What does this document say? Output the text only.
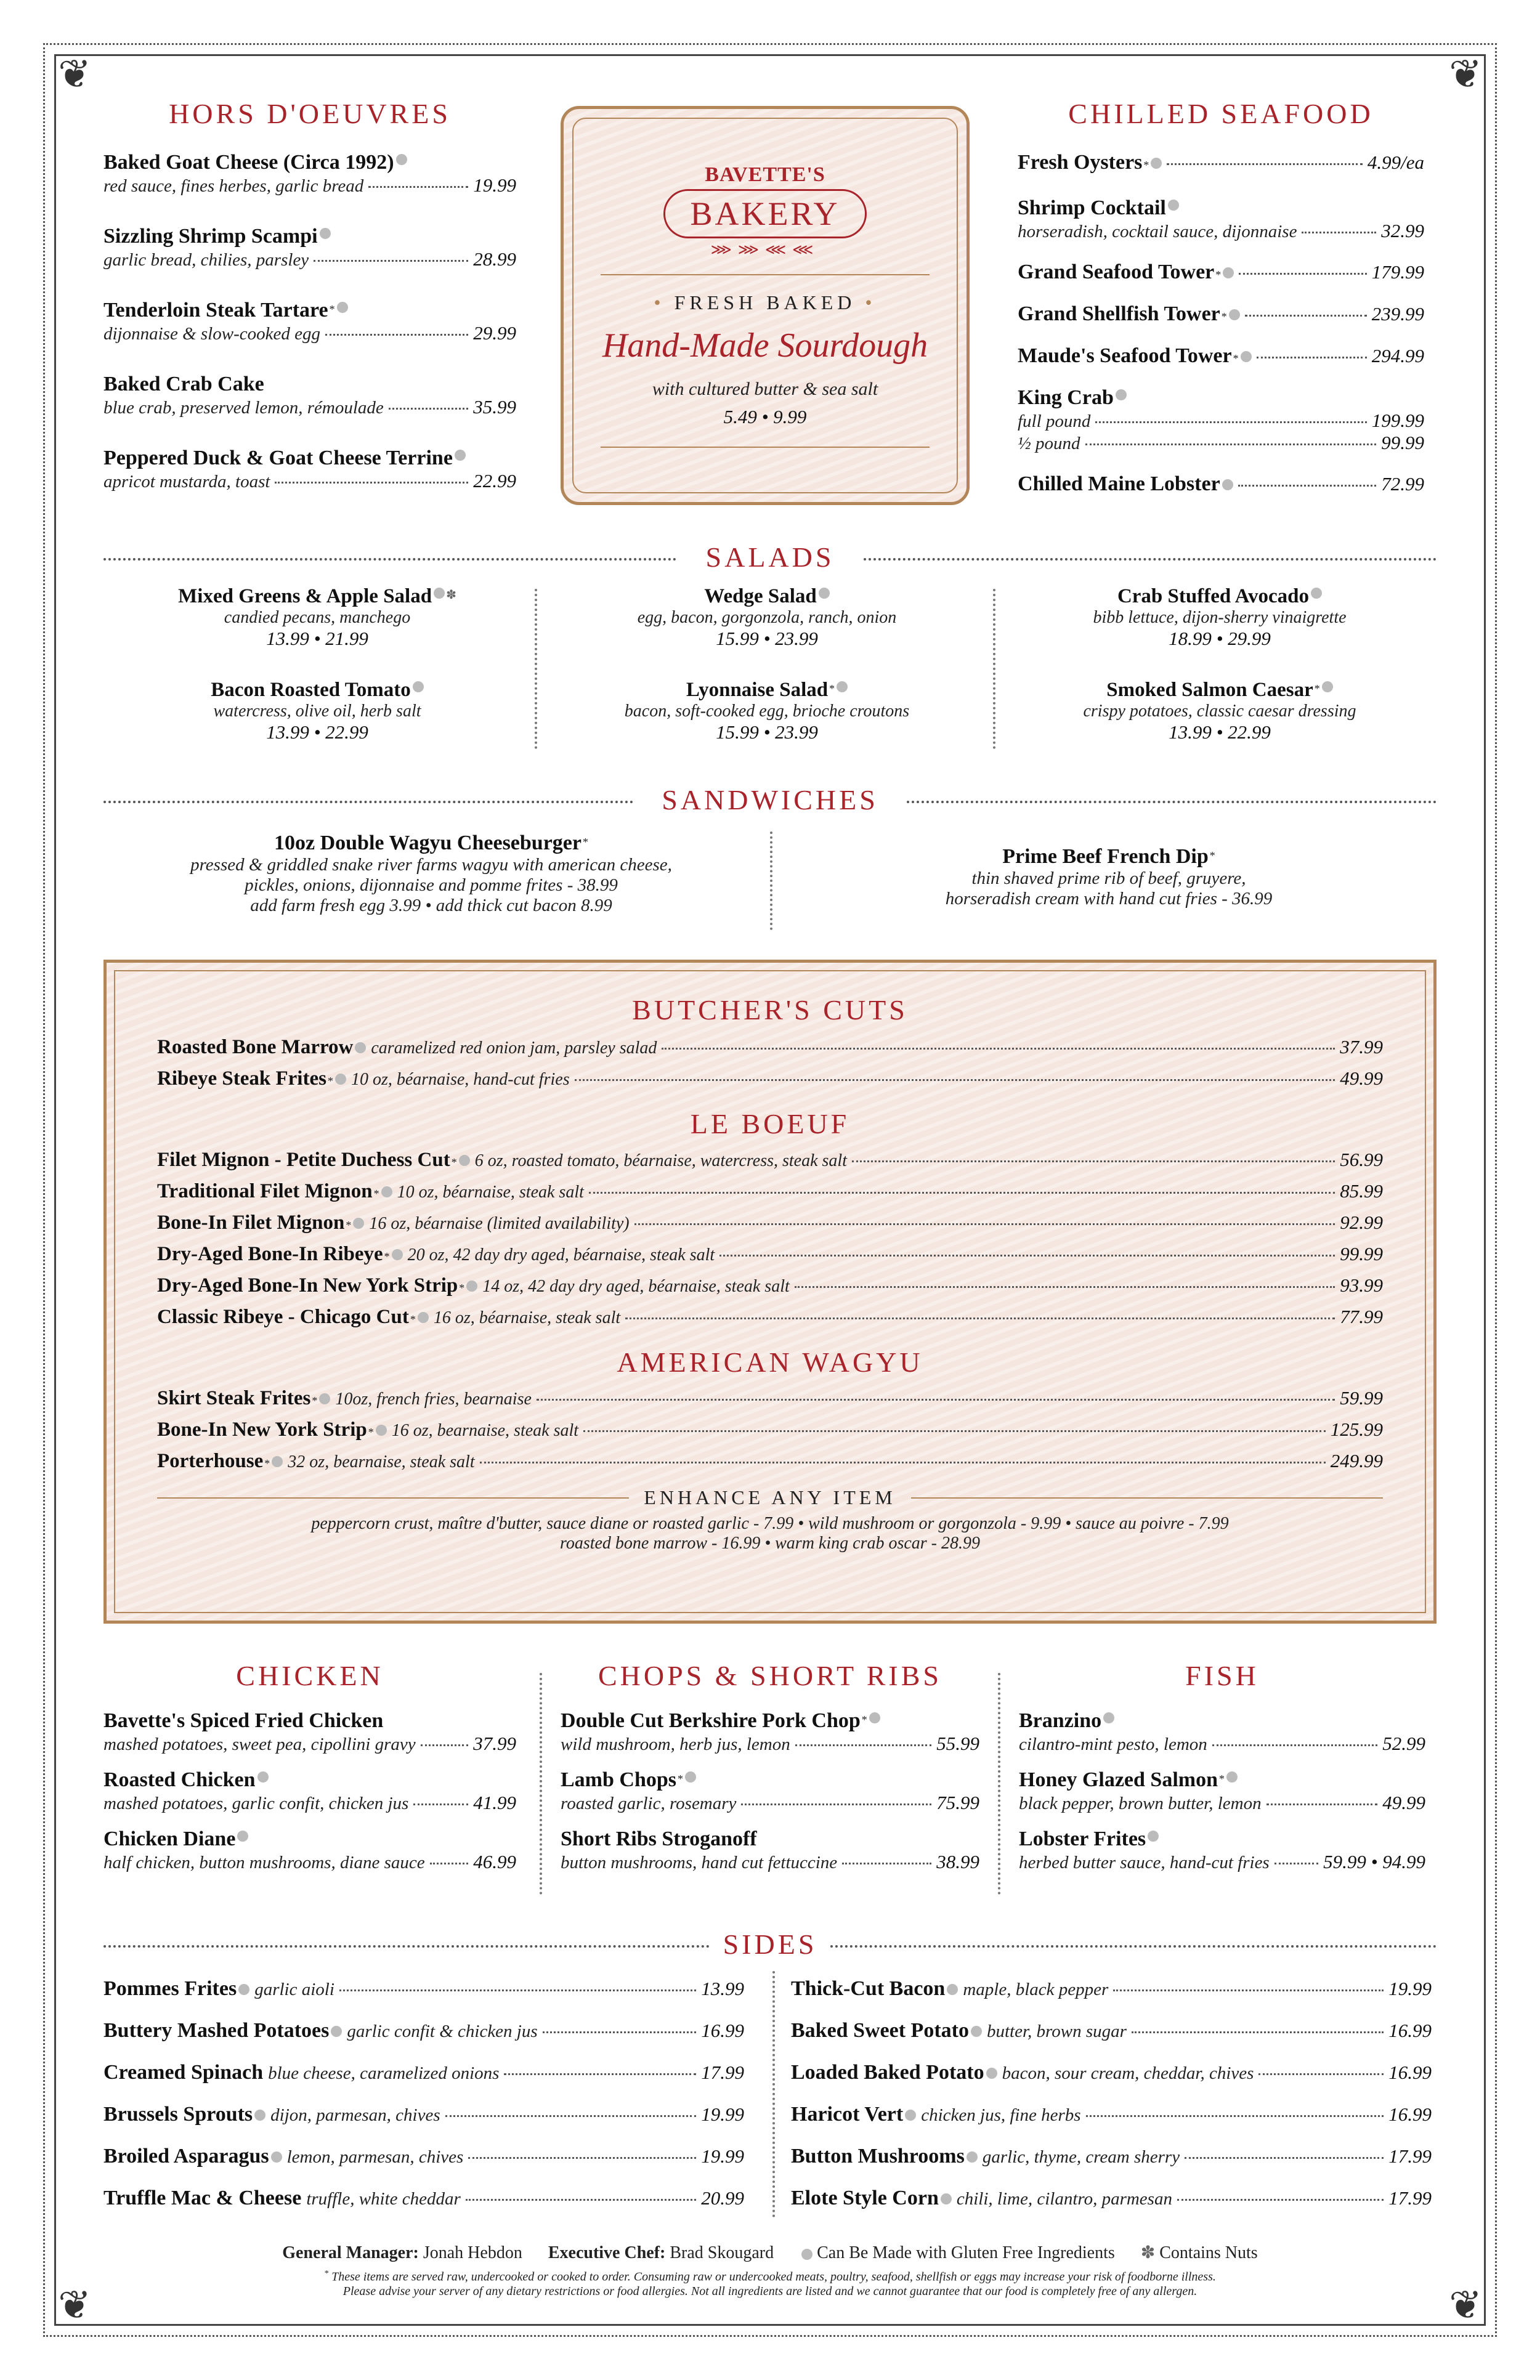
❦	❦
❦	❦
HORS D'OEUVRES
Baked Goat Cheese (Circa 1992)
red sauce, fines herbes, garlic bread	19.99
Sizzling Shrimp Scampi
garlic bread, chilies, parsley	28.99
Tenderloin Steak Tartare *
dijonnaise & slow-cooked egg	29.99
Baked Crab Cake
blue crab, preserved lemon, rémoulade	35.99
Peppered Duck & Goat Cheese Terrine
apricot mustarda, toast	22.99
BAVETTE'S
BAKERY
⋙⋙⋘⋘
• FRESH BAKED •
Hand-Made Sourdough
with cultured butter & sea salt
5.49 • 9.99
CHILLED SEAFOOD
Fresh Oysters *	4.99/ea
Shrimp Cocktail
horseradish, cocktail sauce, dijonnaise	32.99
Grand Seafood Tower *	179.99
Grand Shellfish Tower *	239.99
Maude's Seafood Tower *	294.99
King Crab
full pound	199.99
½ pound	99.99
Chilled Maine Lobster	72.99
SALADS
Mixed Greens & Apple Salad ✽
candied pecans, manchego
13.99 • 21.99
Wedge Salad
egg, bacon, gorgonzola, ranch, onion
15.99 • 23.99
Crab Stuffed Avocado
bibb lettuce, dijon-sherry vinaigrette
18.99 • 29.99
Bacon Roasted Tomato
watercress, olive oil, herb salt
13.99 • 22.99
Lyonnaise Salad *
bacon, soft-cooked egg, brioche croutons
15.99 • 23.99
Smoked Salmon Caesar *
crispy potatoes, classic caesar dressing
13.99 • 22.99
SANDWICHES
10oz Double Wagyu Cheeseburger *
pressed & griddled snake river farms wagyu with american cheese,
pickles, onions, dijonnaise and pomme frites - 38.99
add farm fresh egg 3.99 • add thick cut bacon 8.99
Prime Beef French Dip *
thin shaved prime rib of beef, gruyere,
horseradish cream with hand cut fries - 36.99
BUTCHER'S CUTS
Roasted Bone Marrow caramelized red onion jam, parsley salad	37.99
Ribeye Steak Frites * 10 oz, béarnaise, hand-cut fries	49.99
LE BOEUF
Filet Mignon - Petite Duchess Cut * 6 oz, roasted tomato, béarnaise, watercress, steak salt	56.99
Traditional Filet Mignon * 10 oz, béarnaise, steak salt	85.99
Bone-In Filet Mignon * 16 oz, béarnaise (limited availability)	92.99
Dry-Aged Bone-In Ribeye * 20 oz, 42 day dry aged, béarnaise, steak salt	99.99
Dry-Aged Bone-In New York Strip * 14 oz, 42 day dry aged, béarnaise, steak salt	93.99
Classic Ribeye - Chicago Cut * 16 oz, béarnaise, steak salt	77.99
AMERICAN WAGYU
Skirt Steak Frites * 10oz, french fries, bearnaise	59.99
Bone-In New York Strip * 16 oz, bearnaise, steak salt	125.99
Porterhouse * 32 oz, bearnaise, steak salt	249.99
ENHANCE ANY ITEM
peppercorn crust, maître d'butter, sauce diane or roasted garlic - 7.99 • wild mushroom or gorgonzola - 9.99 • sauce au poivre - 7.99
roasted bone marrow - 16.99 • warm king crab oscar - 28.99
CHICKEN
Bavette's Spiced Fried Chicken
mashed potatoes, sweet pea, cipollini gravy	37.99
Roasted Chicken
mashed potatoes, garlic confit, chicken jus	41.99
Chicken Diane
half chicken, button mushrooms, diane sauce	46.99
CHOPS & SHORT RIBS
Double Cut Berkshire Pork Chop *
wild mushroom, herb jus, lemon	55.99
Lamb Chops *
roasted garlic, rosemary	75.99
Short Ribs Stroganoff
button mushrooms, hand cut fettuccine	38.99
FISH
Branzino
cilantro-mint pesto, lemon	52.99
Honey Glazed Salmon *
black pepper, brown butter, lemon	49.99
Lobster Frites
herbed butter sauce, hand-cut fries	59.99 • 94.99
SIDES
Pommes Frites garlic aioli	13.99
Buttery Mashed Potatoes garlic confit & chicken jus	16.99
Creamed Spinach blue cheese, caramelized onions	17.99
Brussels Sprouts dijon, parmesan, chives	19.99
Broiled Asparagus lemon, parmesan, chives	19.99
Truffle Mac & Cheese truffle, white cheddar	20.99
Thick-Cut Bacon maple, black pepper	19.99
Baked Sweet Potato butter, brown sugar	16.99
Loaded Baked Potato bacon, sour cream, cheddar, chives	16.99
Haricot Vert chicken jus, fine herbs	16.99
Button Mushrooms garlic, thyme, cream sherry	17.99
Elote Style Corn chili, lime, cilantro, parmesan	17.99
General Manager: Jonah Hebdon Executive Chef: Brad Skougard	Can Be Made with Gluten Free Ingredients ✽ Contains Nuts
* These items are served raw, undercooked or cooked to order. Consuming raw or undercooked meats, poultry, seafood, shellfish or eggs may increase your risk of foodborne illness.
Please advise your server of any dietary restrictions or food allergies. Not all ingredients are listed and we cannot guarantee that our food is completely free of any allergen.
